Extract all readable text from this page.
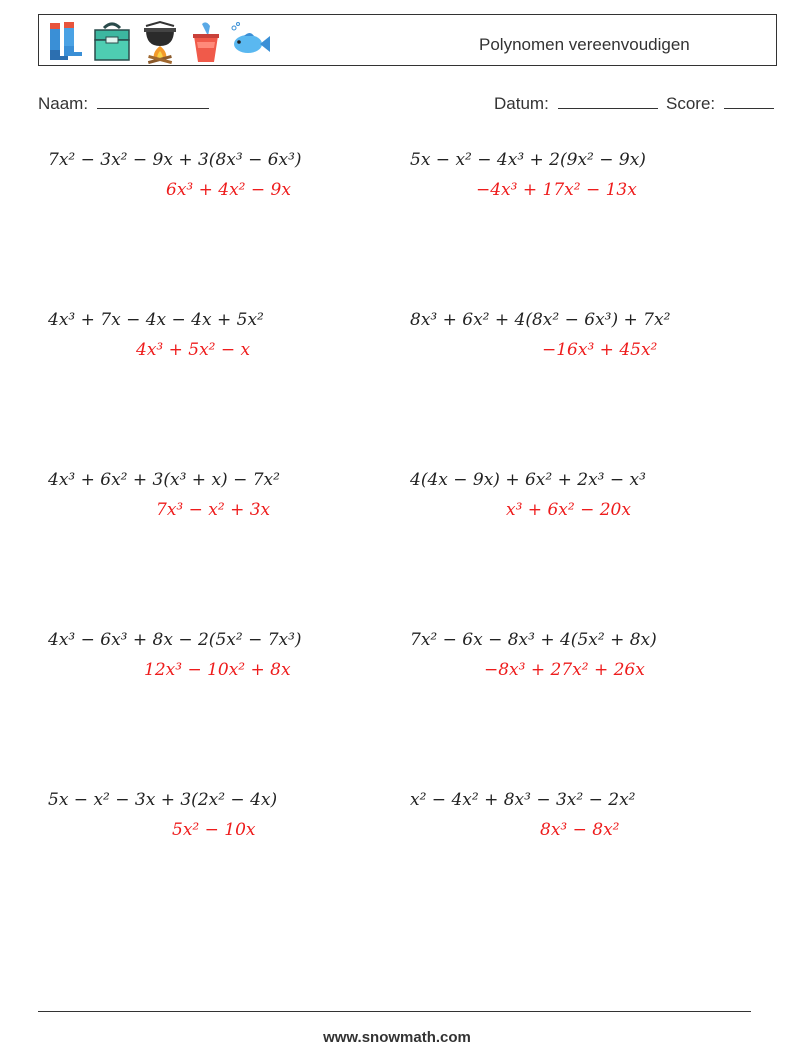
Polynomen vereenvoudigen
Naam:	Datum:	Score:
7x² − 3x² − 9x + 3(8x³ − 6x³)
6x³ + 4x² − 9x
5x − x² − 4x³ + 2(9x² − 9x)
−4x³ + 17x² − 13x
4x³ + 7x − 4x − 4x + 5x²
4x³ + 5x² − x
8x³ + 6x² + 4(8x² − 6x³) + 7x²
−16x³ + 45x²
4x³ + 6x² + 3(x³ + x) − 7x²
7x³ − x² + 3x
4(4x − 9x) + 6x² + 2x³ − x³
x³ + 6x² − 20x
4x³ − 6x³ + 8x − 2(5x² − 7x³)
12x³ − 10x² + 8x
7x² − 6x − 8x³ + 4(5x² + 8x)
−8x³ + 27x² + 26x
5x − x² − 3x + 3(2x² − 4x)
5x² − 10x
x² − 4x² + 8x³ − 3x² − 2x²
8x³ − 8x²
www.snowmath.com
